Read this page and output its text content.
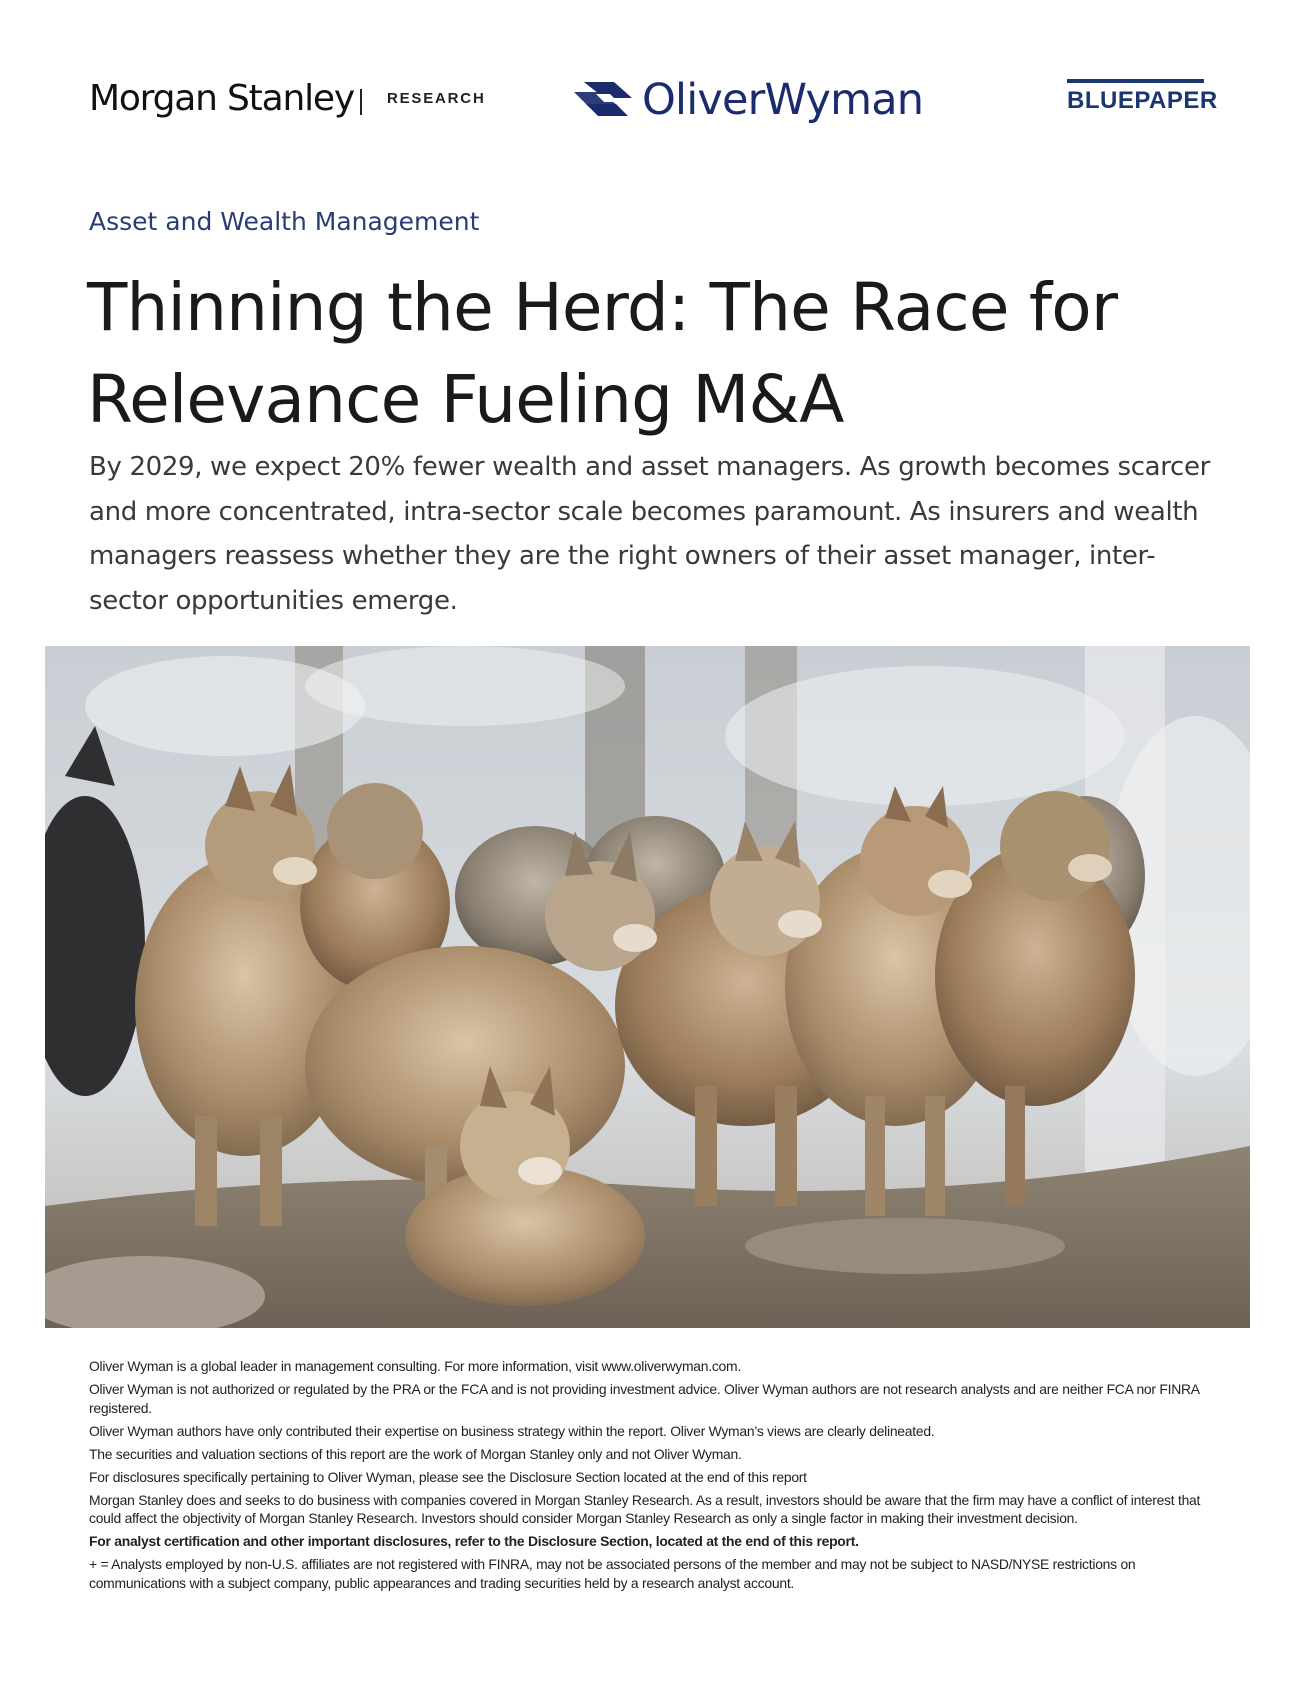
Morgan Stanley RESEARCH	OliverWyman	BLUEPAPER
Asset and Wealth Management
Thinning the Herd: The Race for Relevance Fueling M&A

By 2029, we expect 20% fewer wealth and asset managers. As growth becomes scarcer and more concentrated, intra-sector scale becomes paramount. As insurers and wealth managers reassess whether they are the right owners of their asset manager, inter-sector opportunities emerge.

Oliver Wyman is a global leader in management consulting. For more information, visit www.oliverwyman.com.

Oliver Wyman is not authorized or regulated by the PRA or the FCA and is not providing investment advice. Oliver Wyman authors are not research analysts and are neither FCA nor FINRA registered.

Oliver Wyman authors have only contributed their expertise on business strategy within the report. Oliver Wyman’s views are clearly delineated.

The securities and valuation sections of this report are the work of Morgan Stanley only and not Oliver Wyman.

For disclosures specifically pertaining to Oliver Wyman, please see the Disclosure Section located at the end of this report

Morgan Stanley does and seeks to do business with companies covered in Morgan Stanley Research. As a result, investors should be aware that the firm may have a conflict of interest that could affect the objectivity of Morgan Stanley Research. Investors should consider Morgan Stanley Research as only a single factor in making their investment decision.

For analyst certification and other important disclosures, refer to the Disclosure Section, located at the end of this report.

+ = Analysts employed by non-U.S. affiliates are not registered with FINRA, may not be associated persons of the member and may not be subject to NASD/NYSE restrictions on communications with a subject company, public appearances and trading securities held by a research analyst account.
